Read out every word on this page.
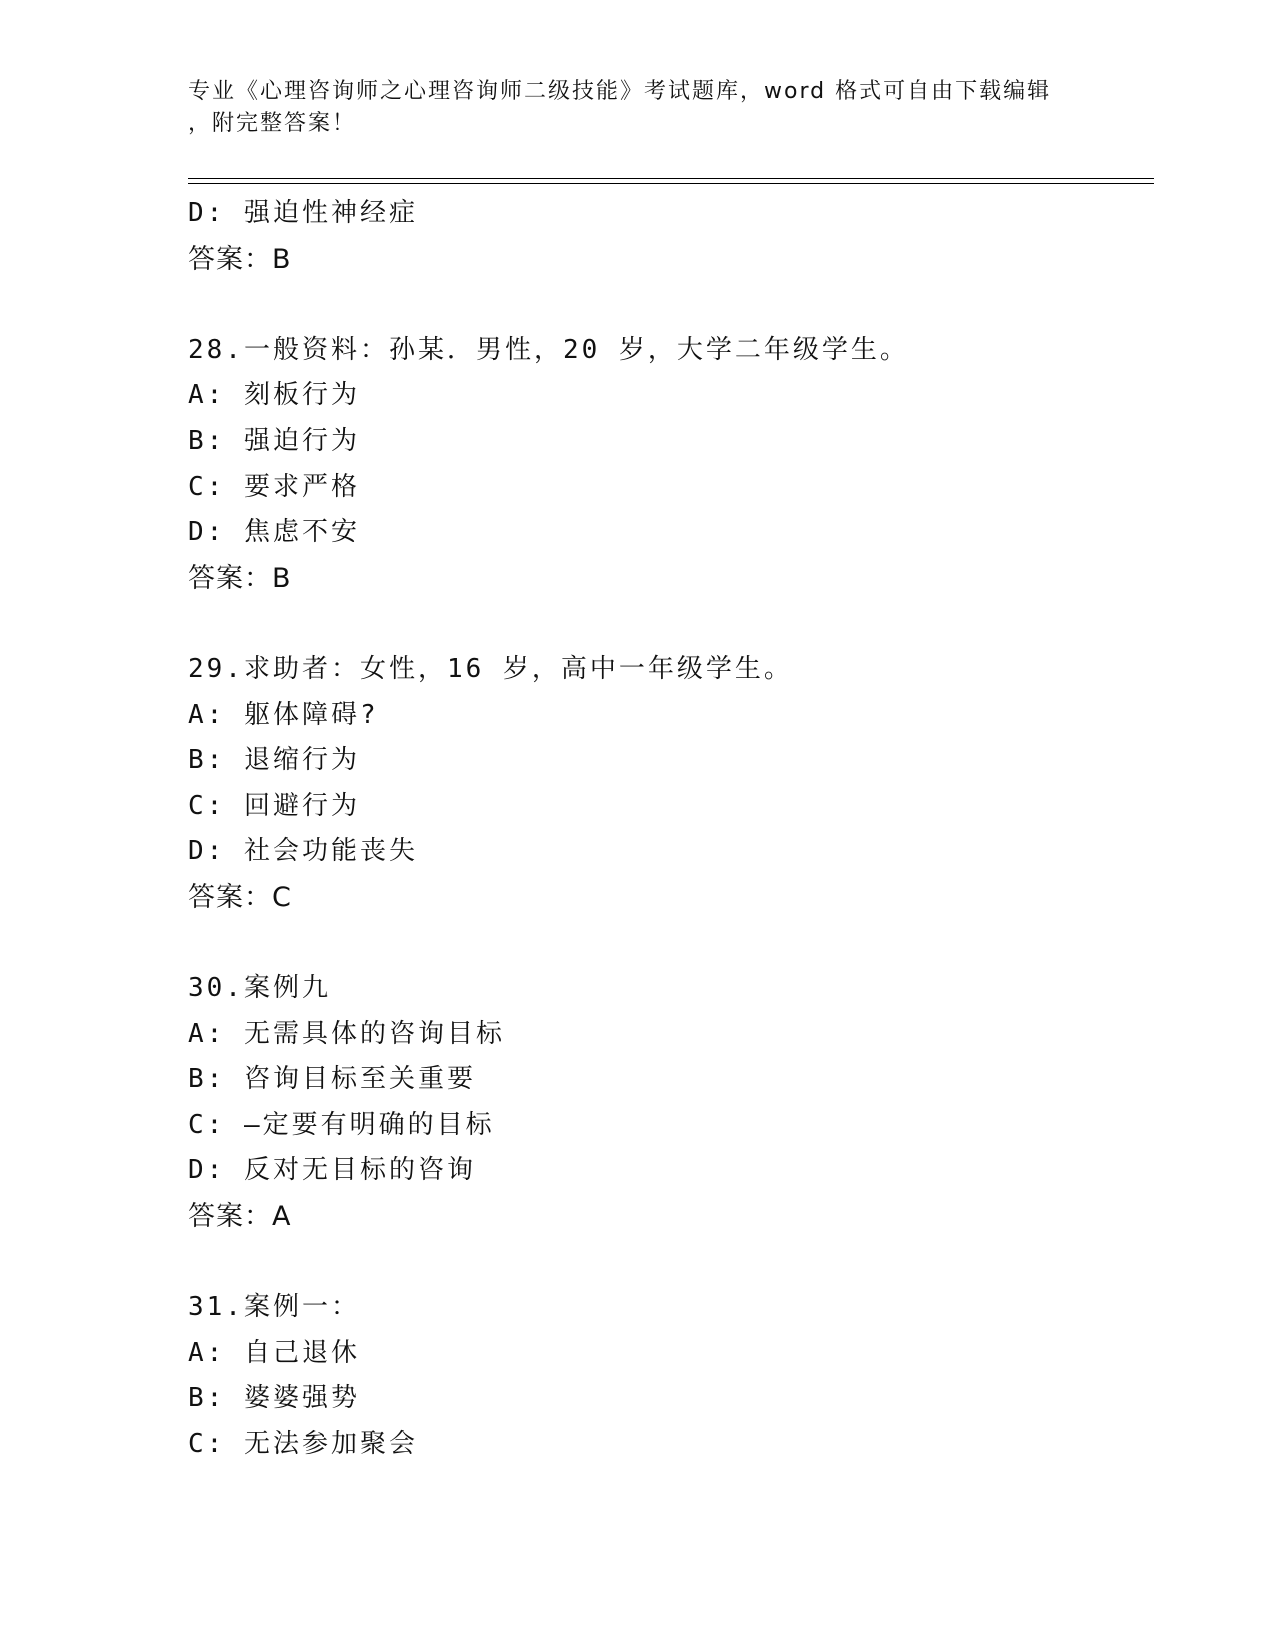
专业《心理咨询师之心理咨询师二级技能》考试题库，word 格式可自由下载编辑
，附完整答案！
D: 强迫性神经症
答案：B
28.一般资料：孙某．男性，20 岁，大学二年级学生。
A: 刻板行为
B: 强迫行为
C: 要求严格
D: 焦虑不安
答案：B
29.求助者：女性，16 岁，高中一年级学生。
A: 躯体障碍?
B: 退缩行为
C: 回避行为
D: 社会功能丧失
答案：C
30.案例九
A: 无需具体的咨询目标
B: 咨询目标至关重要
C: —定要有明确的目标
D: 反对无目标的咨询
答案：A
31.案例一：
A: 自己退休
B: 婆婆强势
C: 无法参加聚会
